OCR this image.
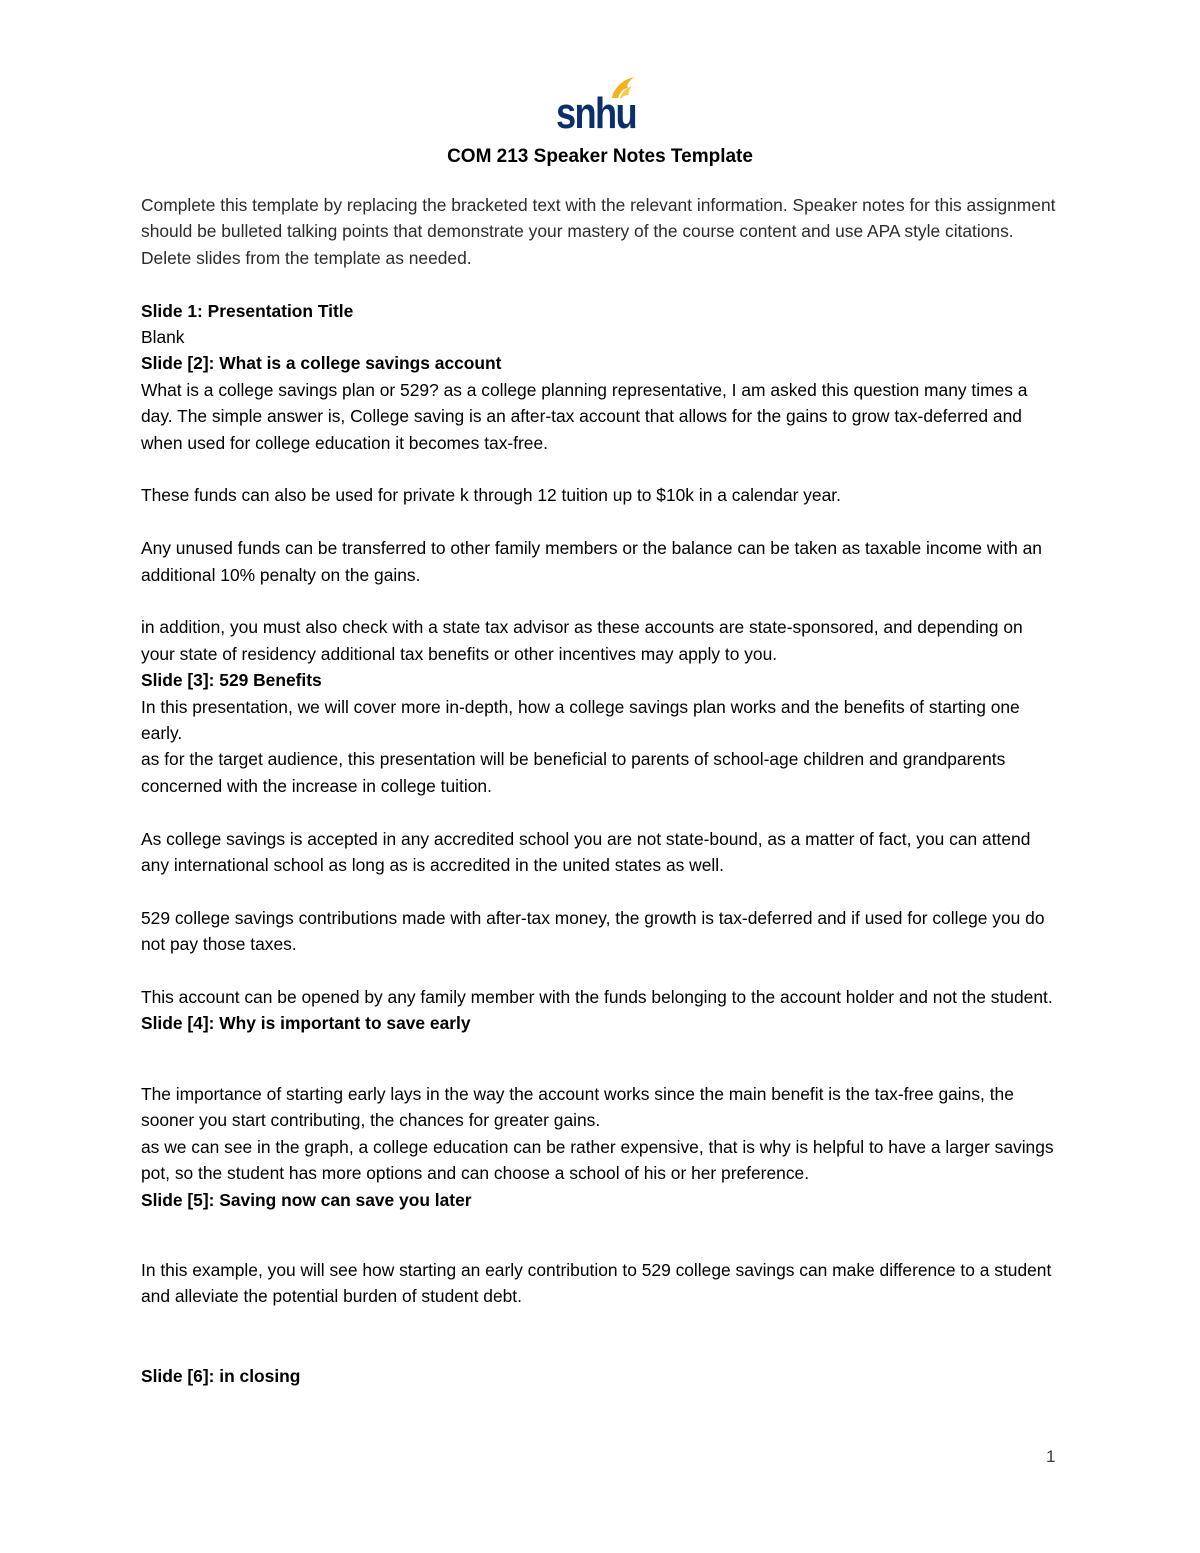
snhu
COM 213 Speaker Notes Template

Complete this template by replacing the bracketed text with the relevant information. Speaker notes for this assignment should be bulleted talking points that demonstrate your mastery of the course content and use APA style citations. Delete slides from the template as needed.

Slide 1: Presentation Title

Blank

Slide [2]: What is a college savings account

What is a college savings plan or 529? as a college planning representative, I am asked this question many times a day. The simple answer is, College saving is an after-tax account that allows for the gains to grow tax-deferred and when used for college education it becomes tax-free.

These funds can also be used for private k through 12 tuition up to $10k in a calendar year.

Any unused funds can be transferred to other family members or the balance can be taken as taxable income with an additional 10% penalty on the gains.

in addition, you must also check with a state tax advisor as these accounts are state-sponsored, and depending on your state of residency additional tax benefits or other incentives may apply to you.

Slide [3]: 529 Benefits

In this presentation, we will cover more in-depth, how a college savings plan works and the benefits of starting one early.

as for the target audience, this presentation will be beneficial to parents of school-age children and grandparents concerned with the increase in college tuition.

As college savings is accepted in any accredited school you are not state-bound, as a matter of fact, you can attend any international school as long as is accredited in the united states as well.

529 college savings contributions made with after-tax money, the growth is tax-deferred and if used for college you do not pay those taxes.

This account can be opened by any family member with the funds belonging to the account holder and not the student.

Slide [4]: Why is important to save early

The importance of starting early lays in the way the account works since the main benefit is the tax-free gains, the sooner you start contributing, the chances for greater gains.

as we can see in the graph, a college education can be rather expensive, that is why is helpful to have a larger savings pot, so the student has more options and can choose a school of his or her preference.

Slide [5]: Saving now can save you later

In this example, you will see how starting an early contribution to 529 college savings can make difference to a student and alleviate the potential burden of student debt.

Slide [6]: in closing

1
